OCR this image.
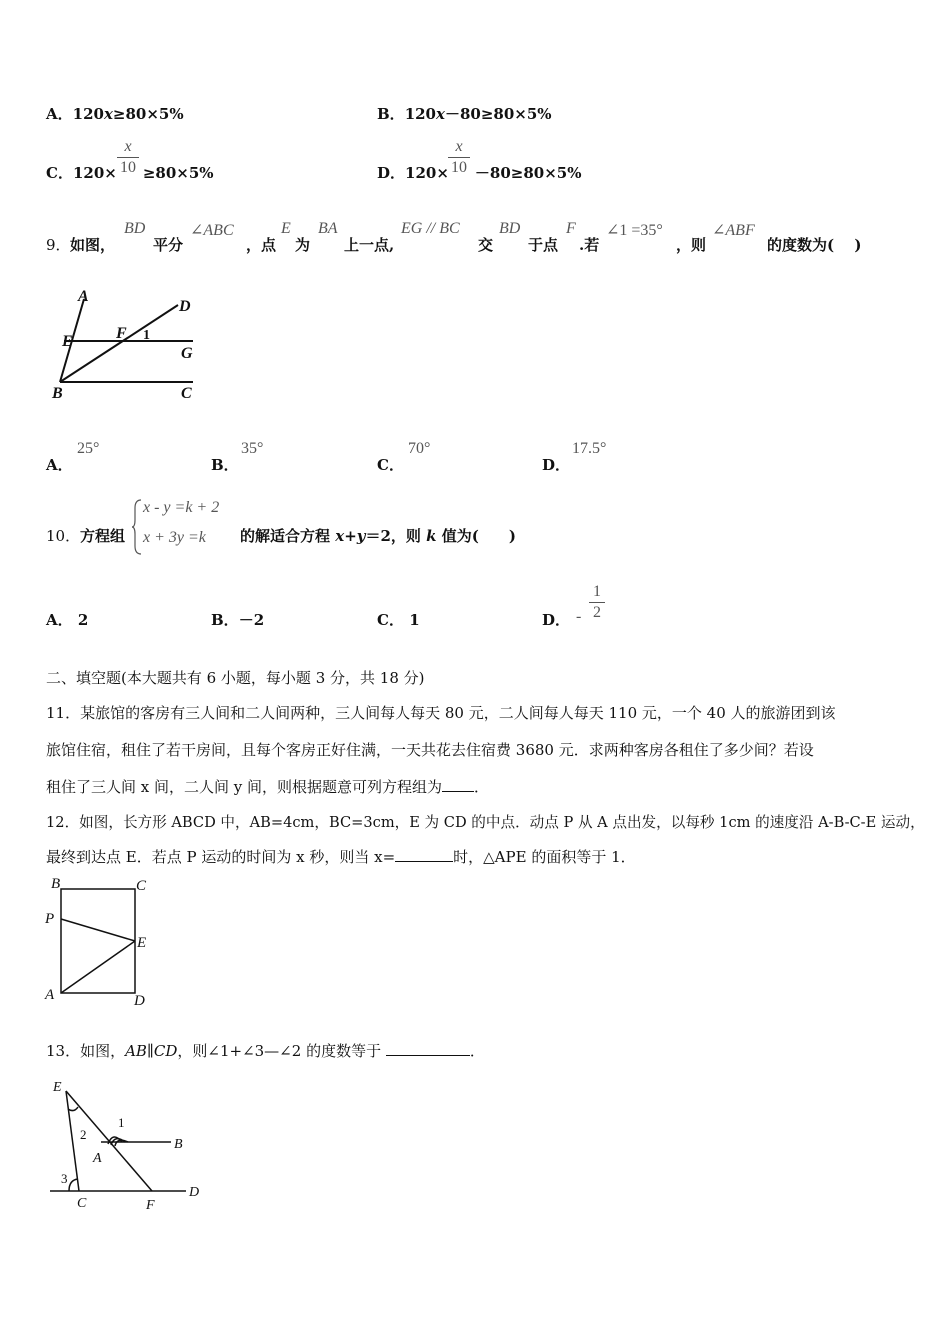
A．120x≥80×5%	B．120x－80≥80×5%
C．120× ≥80×5%
x
10	D．120× －80≥80×5%
x
10
9． 如图，
BD
平分
∠ABC
，点
E
为
BA
上一点,
EG // BC
交
BD
于点
F
.若
∠1 =35°
，则
∠ABF
的度数为(　 )
A
D
E	F 1
G
B	C
A．
25°
B．
35°
C．
70°
D．
17.5°
10． 方程组
x - y =k + 2
x + 3y =k 的解适合方程 x+y＝2，则 k 值为(　　)
A． 2	B．－2	C． 1	D． -
1
2
二、填空题(本大题共有 6 小题，每小题 3 分，共 18 分)
11．某旅馆的客房有三人间和二人间两种，三人间每人每天 80 元，二人间每人每天 110 元，一个 40 人的旅游团到该
旅馆住宿，租住了若干房间，且每个客房正好住满，一天共花去住宿费 3680 元．求两种客房各租住了多少间？若设
租住了三人间 x 间，二人间 y 间，则根据题意可列方程组为 ．
12．如图，长方形 ABCD 中，AB=4cm，BC=3cm，E 为 CD 的中点．动点 P 从 A 点出发，以每秒 1cm 的速度沿 A-B-C-E 运动，
最终到达点 E．若点 P 运动的时间为 x 秒，则当 x=	时，△APE 的面积等于 1．
B	C
P
E
A	D
13．如图，AB∥CD，则∠1+∠3—∠2 的度数等于	．
E
1
2
B
A
3
C	F
D
